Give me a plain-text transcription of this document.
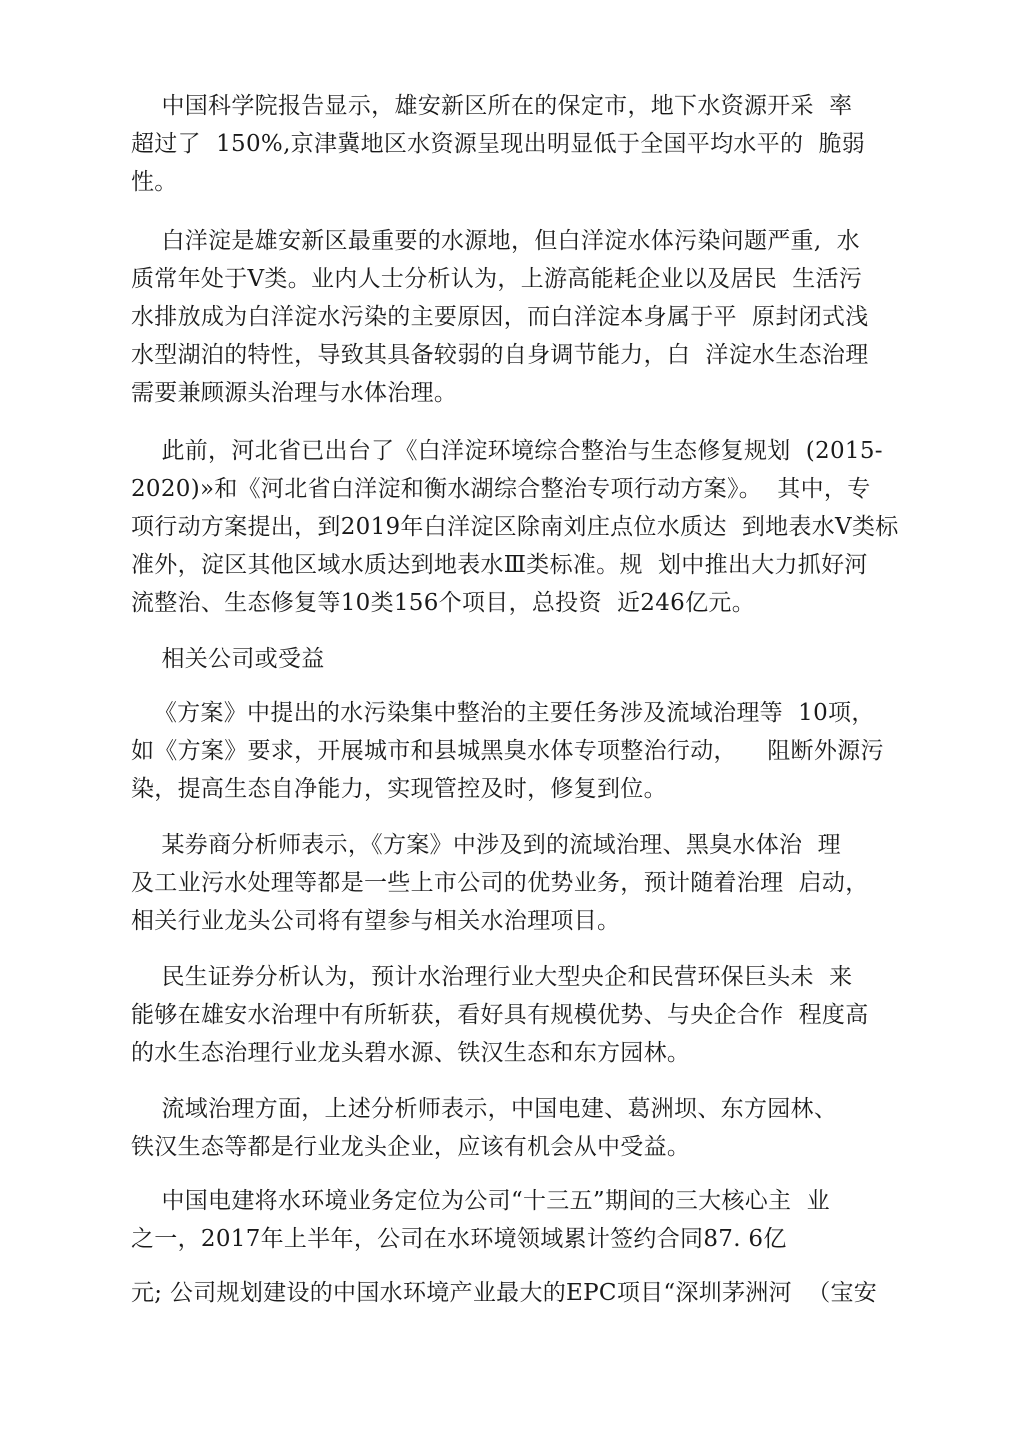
中国科学院报告显示，雄安新区所在的保定市，地下水资源开采  率
超过了  150%,京津冀地区水资源呈现出明显低于全国平均水平的  脆弱
性。
白洋淀是雄安新区最重要的水源地，但白洋淀水体污染问题严重,  水
质常年处于V类。业内人士分析认为，上游高能耗企业以及居民  生活污
水排放成为白洋淀水污染的主要原因，而白洋淀本身属于平  原封闭式浅
水型湖泊的特性，导致其具备较弱的自身调节能力，白  洋淀水生态治理
需要兼顾源头治理与水体治理。
此前，河北省已出台了《白洋淀环境综合整治与生态修复规划  (2015-
2020)»和《河北省白洋淀和衡水湖综合整治专项行动方案》。  其中，专
项行动方案提出，到2019年白洋淀区除南刘庄点位水质达  到地表水V类标
准外，淀区其他区域水质达到地表水Ⅲ类标准。规  划中推出大力抓好河
流整治、生态修复等10类156个项目，总投资  近246亿元。
相关公司或受益
《方案》中提出的水污染集中整治的主要任务涉及流域治理等  10项，
如《方案》要求，开展城市和县城黑臭水体专项整治行动，    阻断外源污
染，提高生态自净能力，实现管控及时，修复到位。
某券商分析师表示，《方案》中涉及到的流域治理、黑臭水体治  理
及工业污水处理等都是一些上市公司的优势业务，预计随着治理  启动，
相关行业龙头公司将有望参与相关水治理项目。
民生证券分析认为，预计水治理行业大型央企和民营环保巨头未  来
能够在雄安水治理中有所斩获，看好具有规模优势、与央企合作  程度高
的水生态治理行业龙头碧水源、铁汉生态和东方园林。
流域治理方面，上述分析师表示，中国电建、葛洲坝、东方园林、
铁汉生态等都是行业龙头企业，应该有机会从中受益。
中国电建将水环境业务定位为公司“十三五”期间的三大核心主  业
之一，2017年上半年，公司在水环境领域累计签约合同87. 6亿
元; 公司规划建设的中国水环境产业最大的EPC项目“深圳茅洲河  （宝安
